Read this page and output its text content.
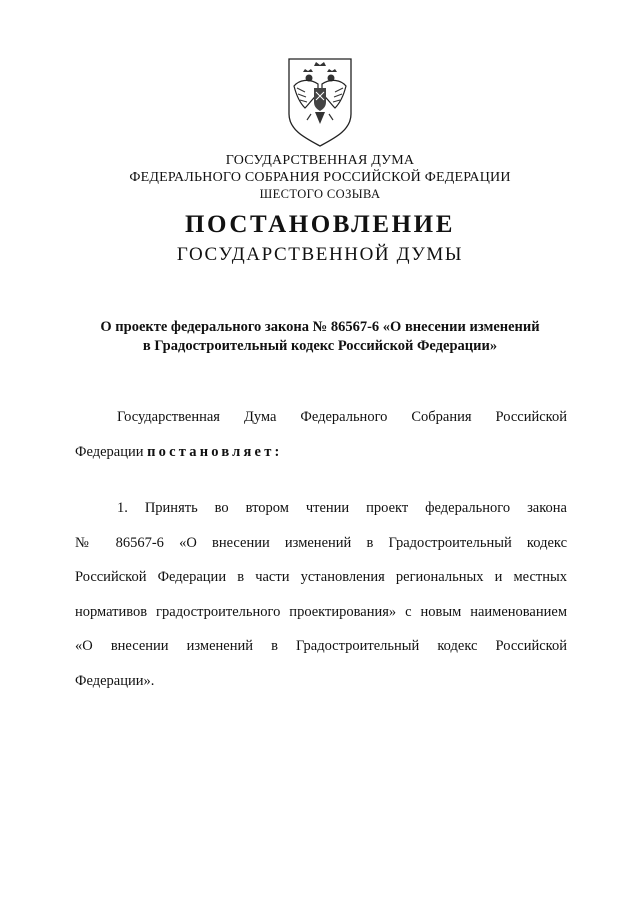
ГОСУДАРСТВЕННАЯ ДУМА
ФЕДЕРАЛЬНОГО СОБРАНИЯ РОССИЙСКОЙ ФЕДЕРАЦИИ
ШЕСТОГО СОЗЫВА
ПОСТАНОВЛЕНИЕ
ГОСУДАРСТВЕННОЙ ДУМЫ
О проекте федерального закона № 86567-6 «О внесении изменений
в Градостроительный кодекс Российской Федерации»
Государственная Дума Федерального Собрания Российской
Федерации постановляет:
1. Принять во втором чтении проект федерального закона
№ 86567-6 «О внесении изменений в Градостроительный кодекс
Российской Федерации в части установления региональных и местных
нормативов градостроительного проектирования» с новым наименованием
«О внесении изменений в Градостроительный кодекс Российской
Федерации».
